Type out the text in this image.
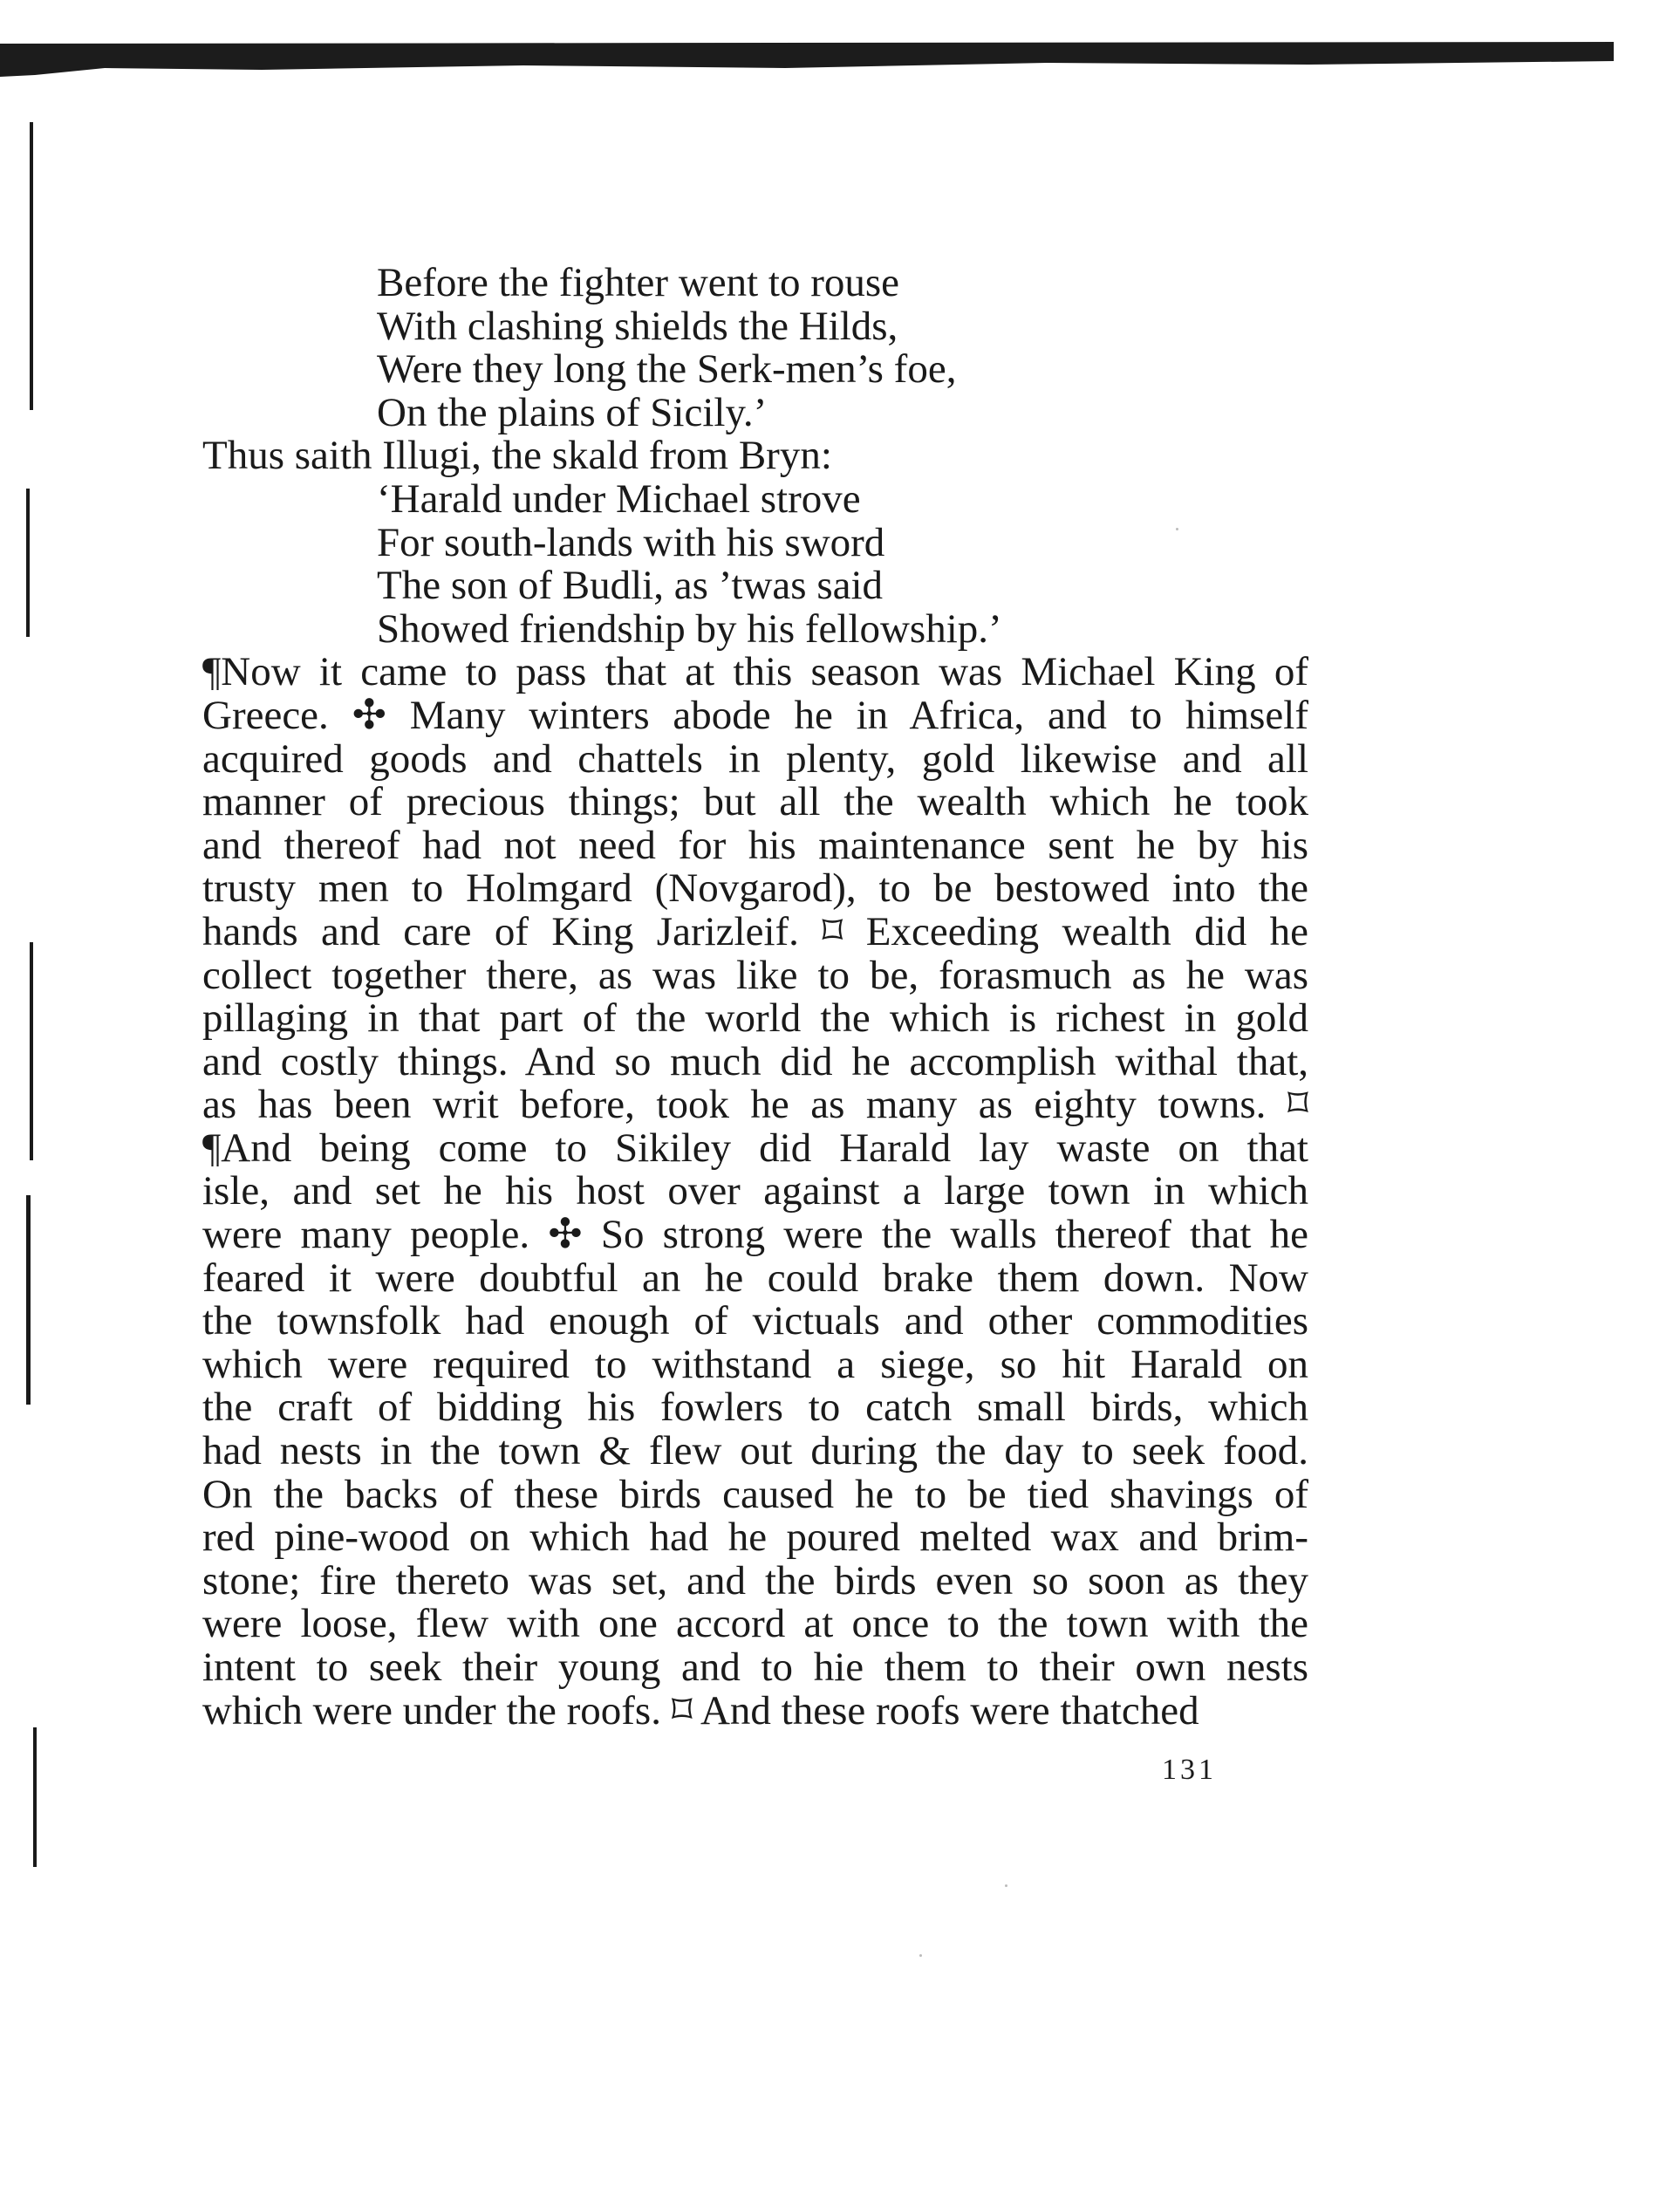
Before the fighter went to rouse
With clashing shields the Hilds,
Were they long the Serk-men’s foe,
On the plains of Sicily.’
Thus saith Illugi, the skald from Bryn:
‘Harald under Michael strove
For south-lands with his sword
The son of Budli, as ’twas said
Showed friendship by his fellowship.’
¶Now it came to pass that at this season was Michael King of
Greece. ✣ Many winters abode he in Africa, and to himself
acquired goods and chattels in plenty, gold likewise and all
manner of precious things; but all the wealth which he took
and thereof had not need for his maintenance sent he by his
trusty men to Holmgard (Novgarod), to be bestowed into the
hands and care of King Jarizleif. ⌑ Exceeding wealth did he
collect together there, as was like to be, forasmuch as he was
pillaging in that part of the world the which is richest in gold
and costly things. And so much did he accomplish withal that,
as has been writ before, took he as many as eighty towns. ⌑
¶And being come to Sikiley did Harald lay waste on that
isle, and set he his host over against a large town in which
were many people. ✣ So strong were the walls thereof that he
feared it were doubtful an he could brake them down. Now
the townsfolk had enough of victuals and other commodities
which were required to withstand a siege, so hit Harald on
the craft of bidding his fowlers to catch small birds, which
had nests in the town & flew out during the day to seek food.
On the backs of these birds caused he to be tied shavings of
red pine-wood on which had he poured melted wax and brim-
stone; fire thereto was set, and the birds even so soon as they
were loose, flew with one accord at once to the town with the
intent to seek their young and to hie them to their own nests
which were under the roofs. ⌑ And these roofs were thatched
131
